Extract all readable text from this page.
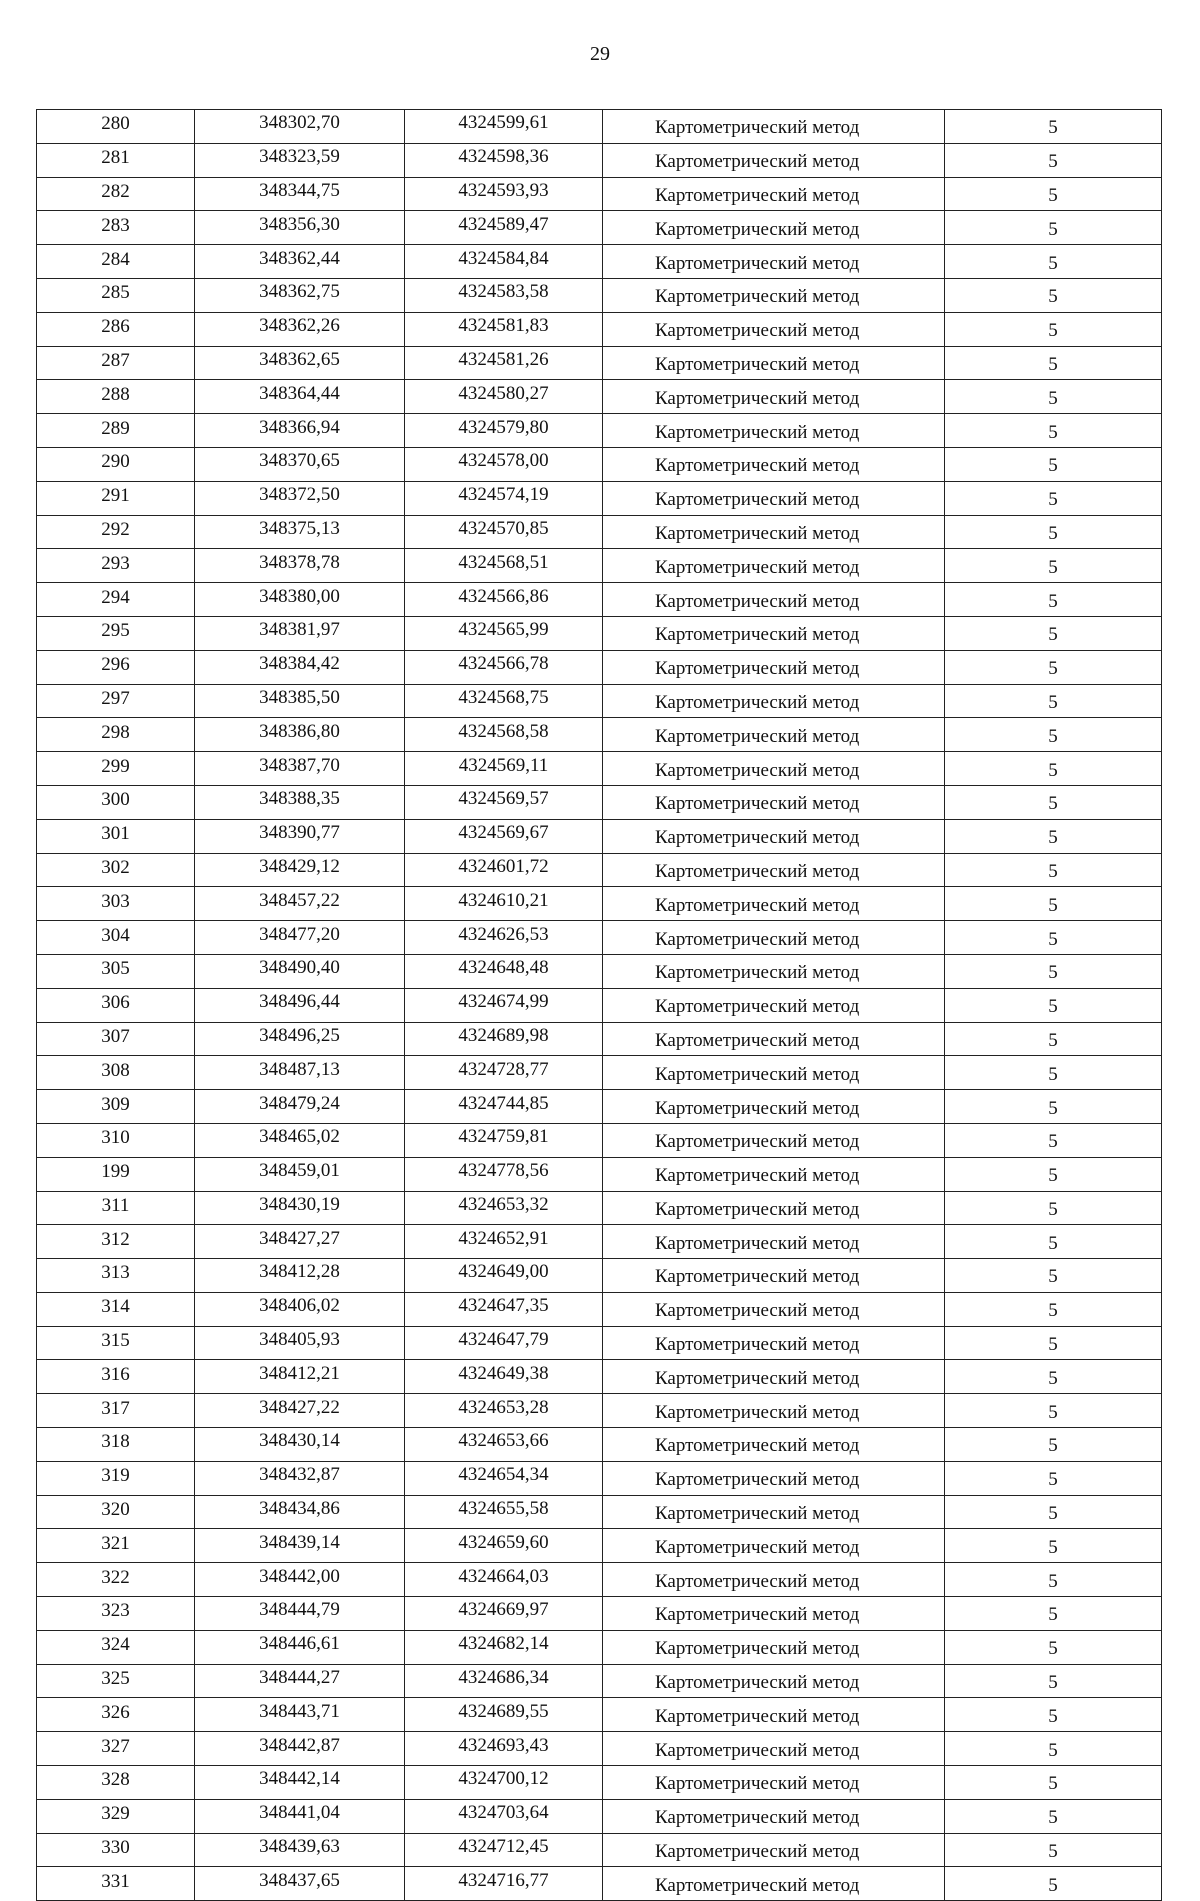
29
280	348302,70	4324599,61	Картометрический метод	5
281	348323,59	4324598,36	Картометрический метод	5
282	348344,75	4324593,93	Картометрический метод	5
283	348356,30	4324589,47	Картометрический метод	5
284	348362,44	4324584,84	Картометрический метод	5
285	348362,75	4324583,58	Картометрический метод	5
286	348362,26	4324581,83	Картометрический метод	5
287	348362,65	4324581,26	Картометрический метод	5
288	348364,44	4324580,27	Картометрический метод	5
289	348366,94	4324579,80	Картометрический метод	5
290	348370,65	4324578,00	Картометрический метод	5
291	348372,50	4324574,19	Картометрический метод	5
292	348375,13	4324570,85	Картометрический метод	5
293	348378,78	4324568,51	Картометрический метод	5
294	348380,00	4324566,86	Картометрический метод	5
295	348381,97	4324565,99	Картометрический метод	5
296	348384,42	4324566,78	Картометрический метод	5
297	348385,50	4324568,75	Картометрический метод	5
298	348386,80	4324568,58	Картометрический метод	5
299	348387,70	4324569,11	Картометрический метод	5
300	348388,35	4324569,57	Картометрический метод	5
301	348390,77	4324569,67	Картометрический метод	5
302	348429,12	4324601,72	Картометрический метод	5
303	348457,22	4324610,21	Картометрический метод	5
304	348477,20	4324626,53	Картометрический метод	5
305	348490,40	4324648,48	Картометрический метод	5
306	348496,44	4324674,99	Картометрический метод	5
307	348496,25	4324689,98	Картометрический метод	5
308	348487,13	4324728,77	Картометрический метод	5
309	348479,24	4324744,85	Картометрический метод	5
310	348465,02	4324759,81	Картометрический метод	5
199	348459,01	4324778,56	Картометрический метод	5
311	348430,19	4324653,32	Картометрический метод	5
312	348427,27	4324652,91	Картометрический метод	5
313	348412,28	4324649,00	Картометрический метод	5
314	348406,02	4324647,35	Картометрический метод	5
315	348405,93	4324647,79	Картометрический метод	5
316	348412,21	4324649,38	Картометрический метод	5
317	348427,22	4324653,28	Картометрический метод	5
318	348430,14	4324653,66	Картометрический метод	5
319	348432,87	4324654,34	Картометрический метод	5
320	348434,86	4324655,58	Картометрический метод	5
321	348439,14	4324659,60	Картометрический метод	5
322	348442,00	4324664,03	Картометрический метод	5
323	348444,79	4324669,97	Картометрический метод	5
324	348446,61	4324682,14	Картометрический метод	5
325	348444,27	4324686,34	Картометрический метод	5
326	348443,71	4324689,55	Картометрический метод	5
327	348442,87	4324693,43	Картометрический метод	5
328	348442,14	4324700,12	Картометрический метод	5
329	348441,04	4324703,64	Картометрический метод	5
330	348439,63	4324712,45	Картометрический метод	5
331	348437,65	4324716,77	Картометрический метод	5
